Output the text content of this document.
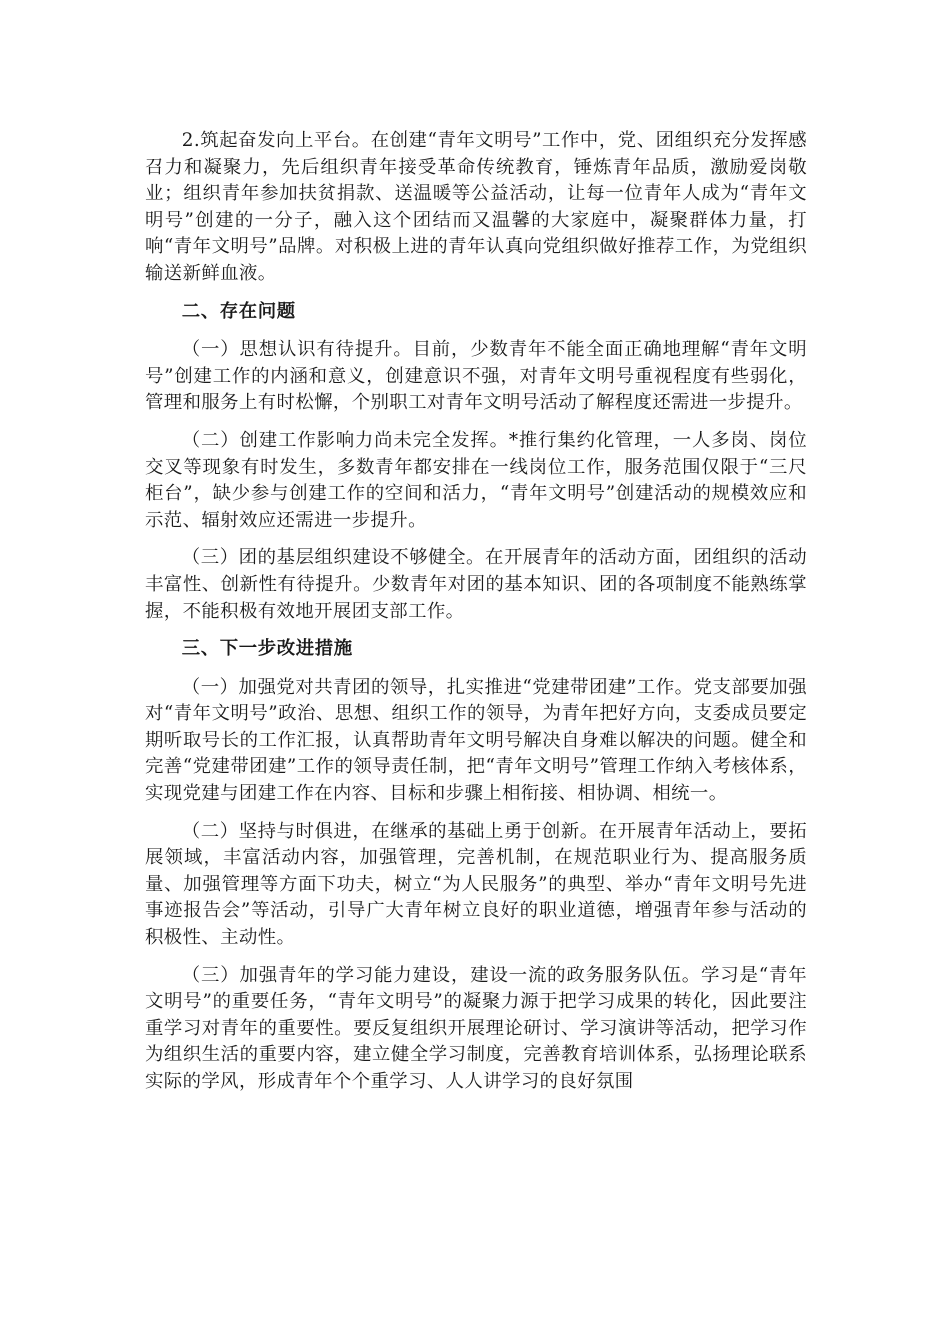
2.筑起奋发向上平台。在创建“青年文明号”工作中，党、团组织充分发挥感召力和凝聚力，先后组织青年接受革命传统教育，锤炼青年品质，激励爱岗敬业；组织青年参加扶贫捐款、送温暖等公益活动，让每一位青年人成为“青年文明号”创建的一分子，融入这个团结而又温馨的大家庭中，凝聚群体力量，打响“青年文明号”品牌。对积极上进的青年认真向党组织做好推荐工作，为党组织输送新鲜血液。

二、存在问题

（一）思想认识有待提升。目前，少数青年不能全面正确地理解“青年文明号”创建工作的内涵和意义，创建意识不强，对青年文明号重视程度有些弱化，管理和服务上有时松懈，个别职工对青年文明号活动了解程度还需进一步提升。

（二）创建工作影响力尚未完全发挥。*推行集约化管理，一人多岗、岗位交叉等现象有时发生，多数青年都安排在一线岗位工作，服务范围仅限于“三尺柜台”，缺少参与创建工作的空间和活力，“青年文明号”创建活动的规模效应和示范、辐射效应还需进一步提升。

（三）团的基层组织建设不够健全。在开展青年的活动方面，团组织的活动丰富性、创新性有待提升。少数青年对团的基本知识、团的各项制度不能熟练掌握，不能积极有效地开展团支部工作。

三、下一步改进措施

（一）加强党对共青团的领导，扎实推进“党建带团建”工作。党支部要加强对“青年文明号”政治、思想、组织工作的领导，为青年把好方向，支委成员要定期听取号长的工作汇报，认真帮助青年文明号解决自身难以解决的问题。健全和完善“党建带团建”工作的领导责任制，把“青年文明号”管理工作纳入考核体系，实现党建与团建工作在内容、目标和步骤上相衔接、相协调、相统一。

（二）坚持与时俱进，在继承的基础上勇于创新。在开展青年活动上，要拓展领域，丰富活动内容，加强管理，完善机制，在规范职业行为、提高服务质量、加强管理等方面下功夫，树立“为人民服务”的典型、举办“青年文明号先进事迹报告会”等活动，引导广大青年树立良好的职业道德，增强青年参与活动的积极性、主动性。

（三）加强青年的学习能力建设，建设一流的政务服务队伍。学习是“青年文明号”的重要任务，“青年文明号”的凝聚力源于把学习成果的转化，因此要注重学习对青年的重要性。要反复组织开展理论研讨、学习演讲等活动，把学习作为组织生活的重要内容，建立健全学习制度，完善教育培训体系，弘扬理论联系实际的学风，形成青年个个重学习、人人讲学习的良好氛围
